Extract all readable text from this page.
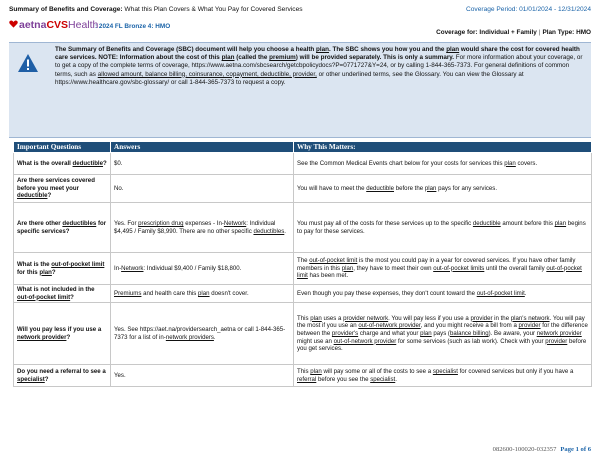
Summary of Benefits and Coverage: What this Plan Covers & What You Pay for Covered Services	Coverage Period: 01/01/2024 - 12/31/2024
aetnaCVSHealth.
: 2024 FL Bronze 4: HMO
Coverage for: Individual + Family | Plan Type: HMO
The Summary of Benefits and Coverage (SBC) document will help you choose a health plan. The SBC shows you how you and the plan would share the cost for covered health care services. NOTE: Information about the cost of this plan (called the premium) will be provided separately. This is only a summary. For more information about your coverage, or to get a copy of the complete terms of coverage, https://www.aetna.com/sbcsearch/getcbpolicydocs?P=0771727&Y=24, or by calling 1-844-365-7373. For general definitions of common terms, such as allowed amount, balance billing, coinsurance, copayment, deductible, provider, or other underlined terms, see the Glossary. You can view the Glossary at https://www.healthcare.gov/sbc-glossary/ or call 1-844-365-7373 to request a copy.
Important Questions	Answers	Why This Matters:
What is the overall deductible?	$0.	See the Common Medical Events chart below for your costs for services this plan covers.
Are there services covered before you meet your deductible?	No.	You will have to meet the deductible before the plan pays for any services.
Are there other deductibles for specific services?	Yes. For prescription drug expenses - In-Network: Individual $4,495 / Family $8,990. There are no other specific deductibles.	You must pay all of the costs for these services up to the specific deductible amount before this plan begins to pay for these services.
What is the out-of-pocket limit for this plan?	In-Network: Individual $9,400 / Family $18,800.	The out-of-pocket limit is the most you could pay in a year for covered services. If you have other family members in this plan, they have to meet their own out-of-pocket limits until the overall family out-of-pocket limit has been met.
What is not included in the out-of-pocket limit?	Premiums and health care this plan doesn't cover.	Even though you pay these expenses, they don't count toward the out-of-pocket limit.
Will you pay less if you use a network provider?	Yes. See https://aet.na/providersearch_aetna or call 1-844-365-7373 for a list of in-network providers.	This plan uses a provider network. You will pay less if you use a provider in the plan's network. You will pay the most if you use an out-of-network provider, and you might receive a bill from a provider for the difference between the provider's charge and what your plan pays (balance billing). Be aware, your network provider might use an out-of-network provider for some services (such as lab work). Check with your provider before you get services.
Do you need a referral to see a specialist?	Yes.	This plan will pay some or all of the costs to see a specialist for covered services but only if you have a referral before you see the specialist.
082600-100020-032357 Page 1 of 6
